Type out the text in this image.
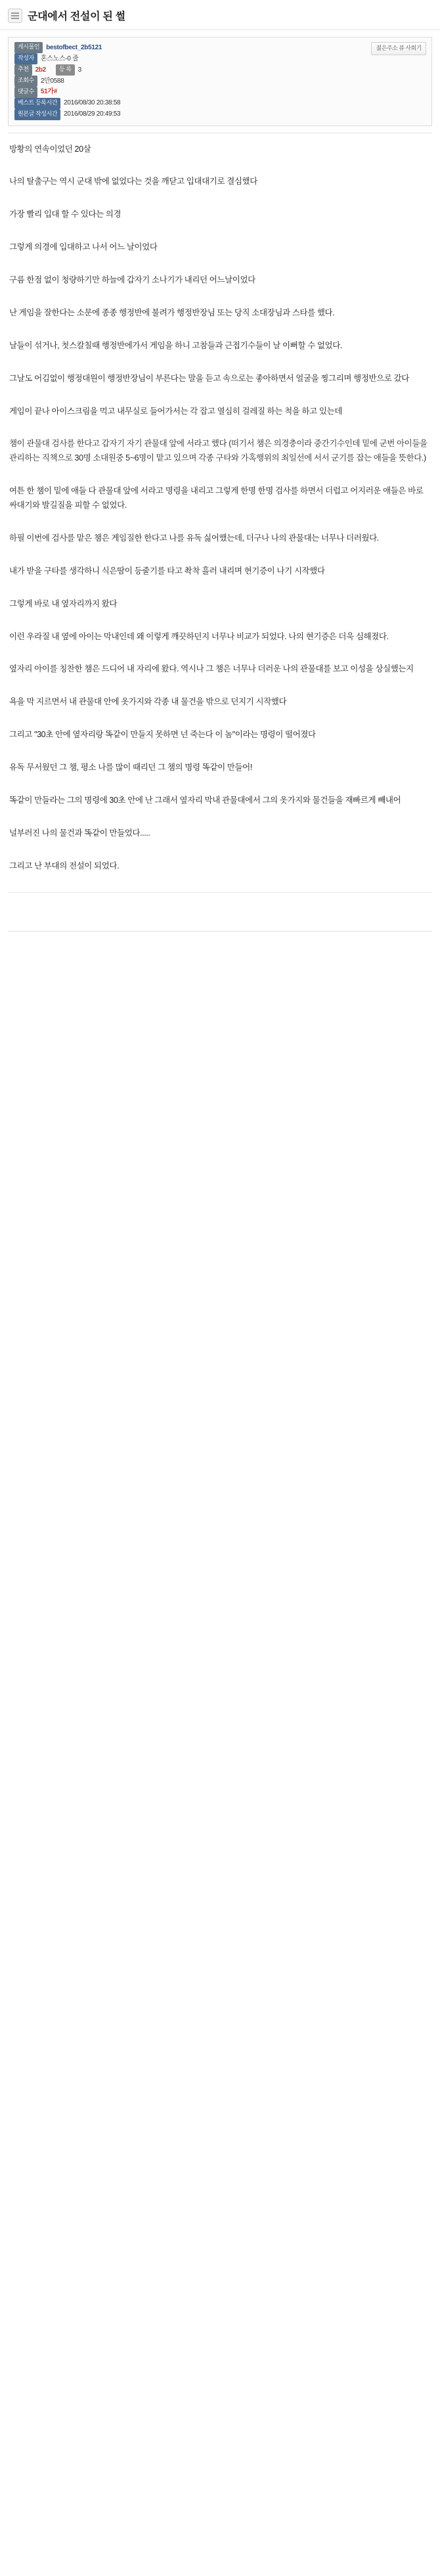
군대에서 전설이 된 썰
젊은주소 퓨 사회기
게시물인	bestofbect_2b5121
작성자	혼스노스-0 줄
추천	2b2	등 록	3
조회수	2만0588
댓글수	51가#
베스트 등록시간	2016/08/30 20:38:58
원본글 작성시간	2016/08/29 20:49:53

방황의 연속이었던 20살

나의 탈출구는 역시 군대 밖에 없었다는 것을 깨닫고 입대대기로 결심했다

가장 빨리 입대 할 수 있다는 의경

그렇게 의경에 입대하고 나서 어느 날이었다

구름 한점 없이 청량하기만 하늘에 갑자기 소나기가 내리던 어느날이었다

난 게임을 잘한다는 소문에 종종 행정반에 불려가 행정반장님 또는 당직 소대장님과 스타를 했다.

날들이 섞거나, 첫스칼칠때 행정반에가서 게임을 하니 고참들과 근접기수들이 날 이뻐할 수 없었다.

그날도 어김없이 행정대원이 행정반장님이 부른다는 말을 듣고 속으로는 좋아하면서 얼굴을 찡그리며 행정반으로 갔다

게임이 끝나 아이스크림을 먹고 내무실로 들어가서는 각 잡고 열심히 걸레질 하는 척을 하고 있는데

챔이 관물대 검사를 한다고 갑자기 자기 관물대 앞에 서라고 했다 (떠기서 챔은 의경충이라 중간기수인데 밑에 군번 아이들을 관리하는 직책으로 30명 소대원중 5~6명이 맡고 있으며 각종 구타와 가혹행위의 최일선에 서서 군기를 잡는 애들을 뜻한다.)

여튼 한 챔이 밑에 애들 다 관물대 앞에 서라고 명령을 내리고 그렇게 한명 한명 검사를 하면서 더럽고 어지러운 애들은 바로 싸대기와 발길질을 피할 수 없었다.

하필 이번에 검사를 맡은 챔은 게임질한 한다고 나를 유독 싫어했는데, 더구나 나의 관물대는 너무나 더러웠다.

내가 받을 구타를 생각하니 식은땀이 등줄기를 타고 촥착 흘러 내리며 현기증이 나기 시작했다

그렇게 바로 내 옆자리까지 왔다

이런 우라질 내 옆에 아이는 막내인데 왜 이렇게 깨끗하던지 너무나 비교가 되었다. 나의 현기증은 더욱 심해졌다.

옆자리 아이를 칭찬한 챔은 드디어 내 자리에 왔다. 역시나 그 챔은 너무나 더러운 나의 관물대를 보고 이성을 상실했는지

욕을 막 지르면서 내 관물대 안에 옷가지와 각종 내 물건을 밖으로 던지기 시작했다

그리고 "30초 안에 옆자리랑 똑같이 만들지 못하면 넌 죽는다 이 놈"이라는 명령이 떨어졌다

유독 무서웠던 그 챔, 평소 나를 많이 때리던 그 챔의 명령 똑같이 만들어!

똑같이 만들라는 그의 명령에 30초 안에 난 그래서 옆자리 막내 관물대에서 그의 옷가지와 물건들을 재빠르게 빼내어

널부러진 나의 물건과 똑같이 만들었다.....

그리고 난 부대의 전설이 되었다.
